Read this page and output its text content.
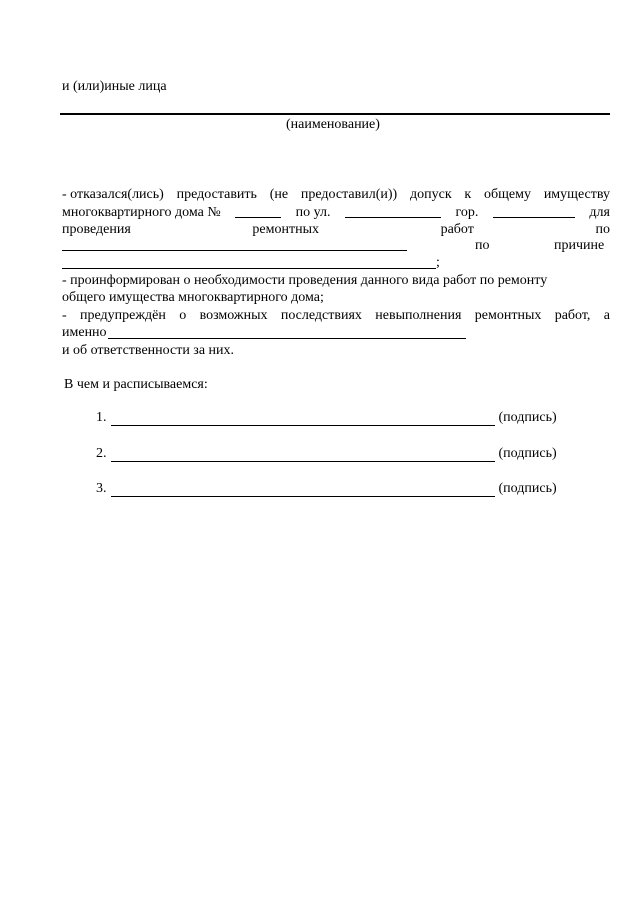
и (или)иные лица
(наименование)
- отказался(лись) предоставить (не предоставил(и)) допуск к общему имуществу
многоквартирного дома №	по ул.	гор.	для
проведения	ремонтных	работ	по
по	причине
;
- проинформирован о необходимости проведения данного вида работ по ремонту
общего имущества многоквартирного дома;
- предупреждён о возможных последствиях невыполнения ремонтных работ, а
именно
и об ответственности за них.
В чем и расписываемся:
1.	(подпись)
2.	(подпись)
3.	(подпись)
